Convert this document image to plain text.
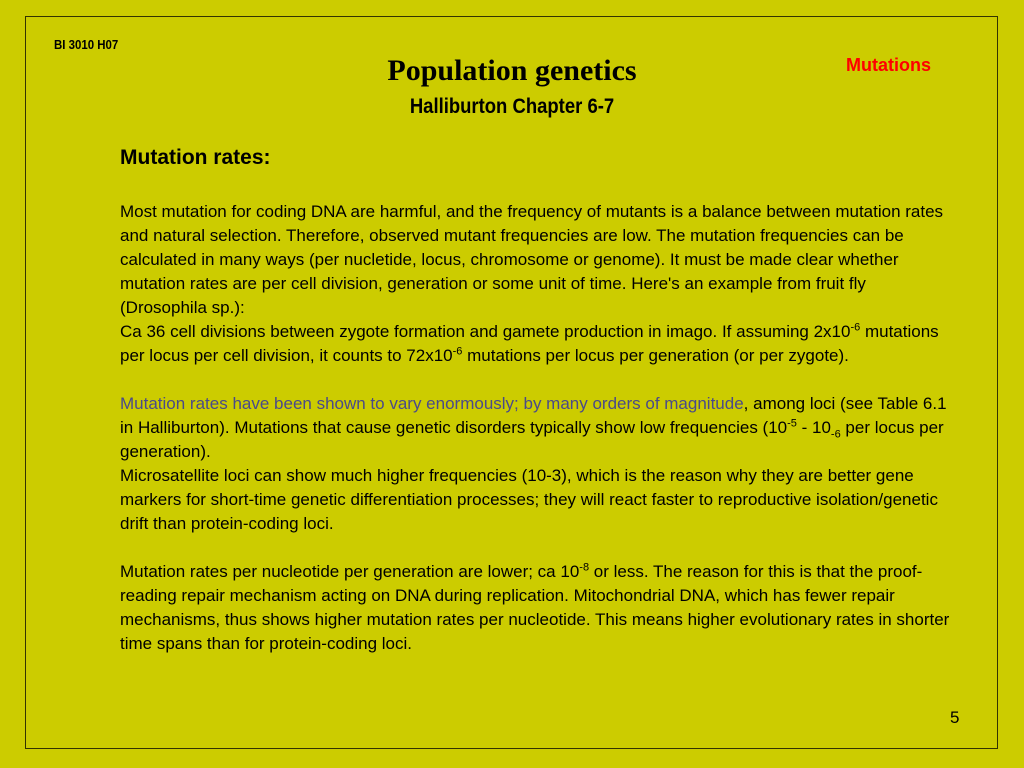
BI 3010 H07
Population genetics
Halliburton Chapter 6-7
Mutations
Mutation rates:

Most mutation for coding DNA are harmful, and the frequency of mutants is a balance between mutation rates and natural selection. Therefore, observed mutant frequencies are low. The mutation frequencies can be calculated in many ways (per nucletide, locus, chromosome or genome). It must be made clear whether mutation rates are per cell division, generation or some unit of time. Here's an example from fruit fly (Drosophila sp.):
Ca 36 cell divisions between zygote formation and gamete production in imago. If assuming $2x10^{-6}$ mutations per locus per cell division, it counts to $72x10^{-6}$ mutations per locus per generation (or per zygote).

Mutation rates have been shown to vary enormously; by many orders of magnitude, among loci (see Table 6.1 in Halliburton). Mutations that cause genetic disorders typically show low frequencies ($10^{-5} - 10_{-6}$ per locus per generation).
Microsatellite loci can show much higher frequencies (10-3), which is the reason why they are better gene markers for short-time genetic differentiation processes; they will react faster to reproductive isolation/genetic drift than protein-coding loci.

Mutation rates per nucleotide per generation are lower; ca $10^{-8}$ or less. The reason for this is that the proof-reading repair mechanism acting on DNA during replication. Mitochondrial DNA, which has fewer repair mechanisms, thus shows higher mutation rates per nucleotide. This means higher evolutionary rates in shorter time spans than for protein-coding loci.

5
